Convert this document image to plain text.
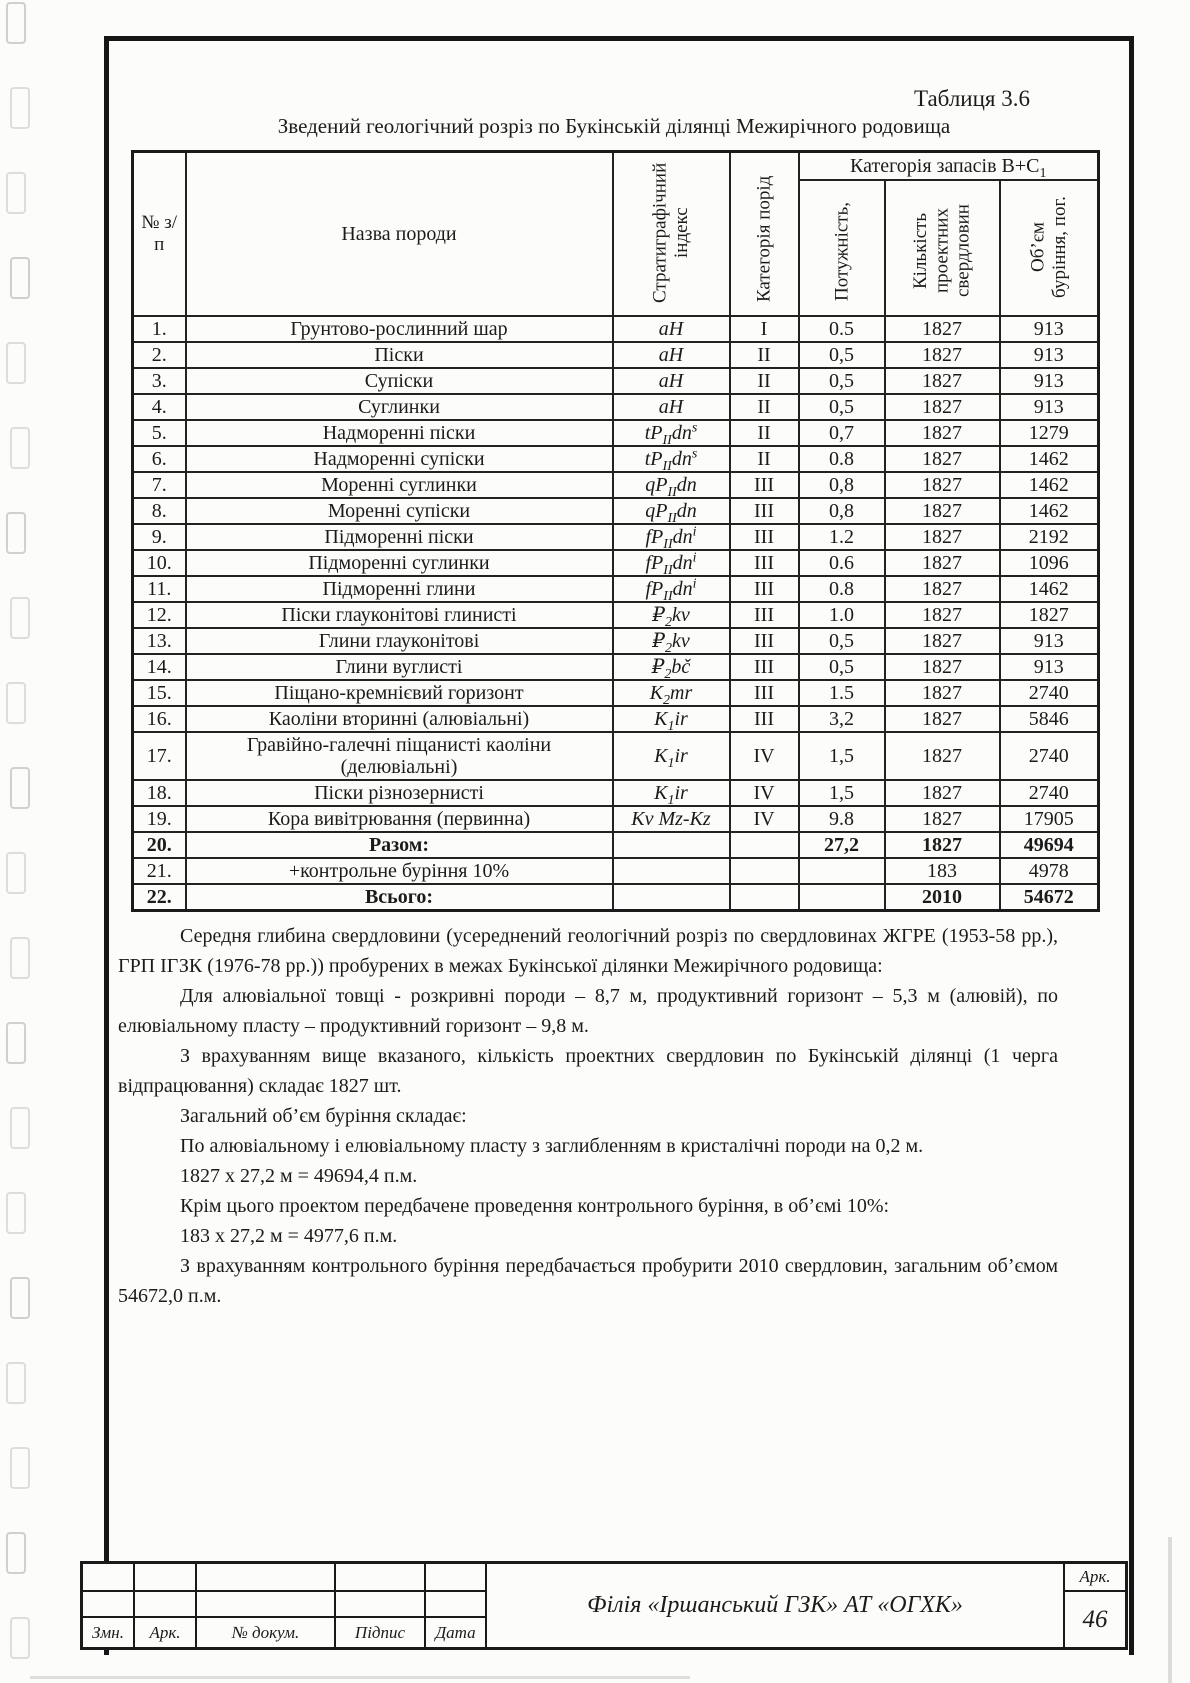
Таблиця 3.6
Зведений геологічний розріз по Букінській ділянці Межирічного родовища
№ з/п	Назва породи	Стратиграфічний індекс	Категорія порід	Категорія запасів $В+С_1$

				Потужність,	Кількість проектних свердловин	Об’єм буріння, пог.

1.	Грунтово-рослинний шар	aH	I	0.5	1827	913
2.	Піски	aH	II	0,5	1827	913
3.	Супіски	aH	II	0,5	1827	913
4.	Суглинки	aH	II	0,5	1827	913
5.	Надморенні піски	$tP_{II}dn^s$	II	0,7	1827	1279
6.	Надморенні супіски	$tP_{II}dn^s$	II	0.8	1827	1462
7.	Моренні суглинки	$qP_{II}dn$	III	0,8	1827	1462
8.	Моренні супіски	$qP_{II}dn$	III	0,8	1827	1462
9.	Підморенні піски	$fP_{II}dn^i$	III	1.2	1827	2192
10.	Підморенні суглинки	$fP_{II}dn^i$	III	0.6	1827	1096
11.	Підморенні глини	$fP_{II}dn^i$	III	0.8	1827	1462
12.	Піски глауконітові глинисті	$₽_2kv$	III	1.0	1827	1827
13.	Глини глауконітові	$₽_2kv$	III	0,5	1827	913
14.	Глини вуглисті	$₽_2bč$	III	0,5	1827	913
15.	Піщано-кремнієвий горизонт	$K_2mr$	III	1.5	1827	2740
16.	Каоліни вторинні (алювіальні)	$K_1ir$	III	3,2	1827	5846
17.	Гравійно-галечні піщанисті каоліни (делювіальні)	$K_1ir$	IV	1,5	1827	2740
18.	Піски різнозернисті	$K_1ir$	IV	1,5	1827	2740
19.	Кора вивітрювання (первинна)	Kv Mz-Kz	IV	9.8	1827	17905
20.	Разом:			27,2	1827	49694
21.	+контрольне буріння 10%				183	4978
22.	Всього:				2010	54672

Середня глибина свердловини (усереднений геологічний розріз по свердловинах ЖГРЕ (1953-58 рр.), ГРП ІГЗК (1976-78 рр.)) пробурених в межах Букінської ділянки Межирічного родовища:

Для алювіальної товщі - розкривні породи – 8,7 м, продуктивний горизонт – 5,3 м (алювій), по елювіальному пласту – продуктивний горизонт – 9,8 м.

З врахуванням вище вказаного, кількість проектних свердловин по Букінській ділянці (1 черга відпрацювання) складає 1827 шт.

Загальний об’єм буріння складає:

По алювіальному і елювіальному пласту з заглибленням в кристалічні породи на 0,2 м.

1827 х 27,2 м = 49694,4 п.м.

Крім цього проектом передбачене проведення контрольного буріння, в об’ємі 10%:

183 х 27,2 м = 4977,6 п.м.

З врахуванням контрольного буріння передбачається пробурити 2010 свердловин, загальним об’ємом 54672,0 п.м.

Змн.	Арк.	№ докум.	Підпис	Дата
Філія «Іршанський ГЗК» АТ «ОГХК»
Арк.
46
